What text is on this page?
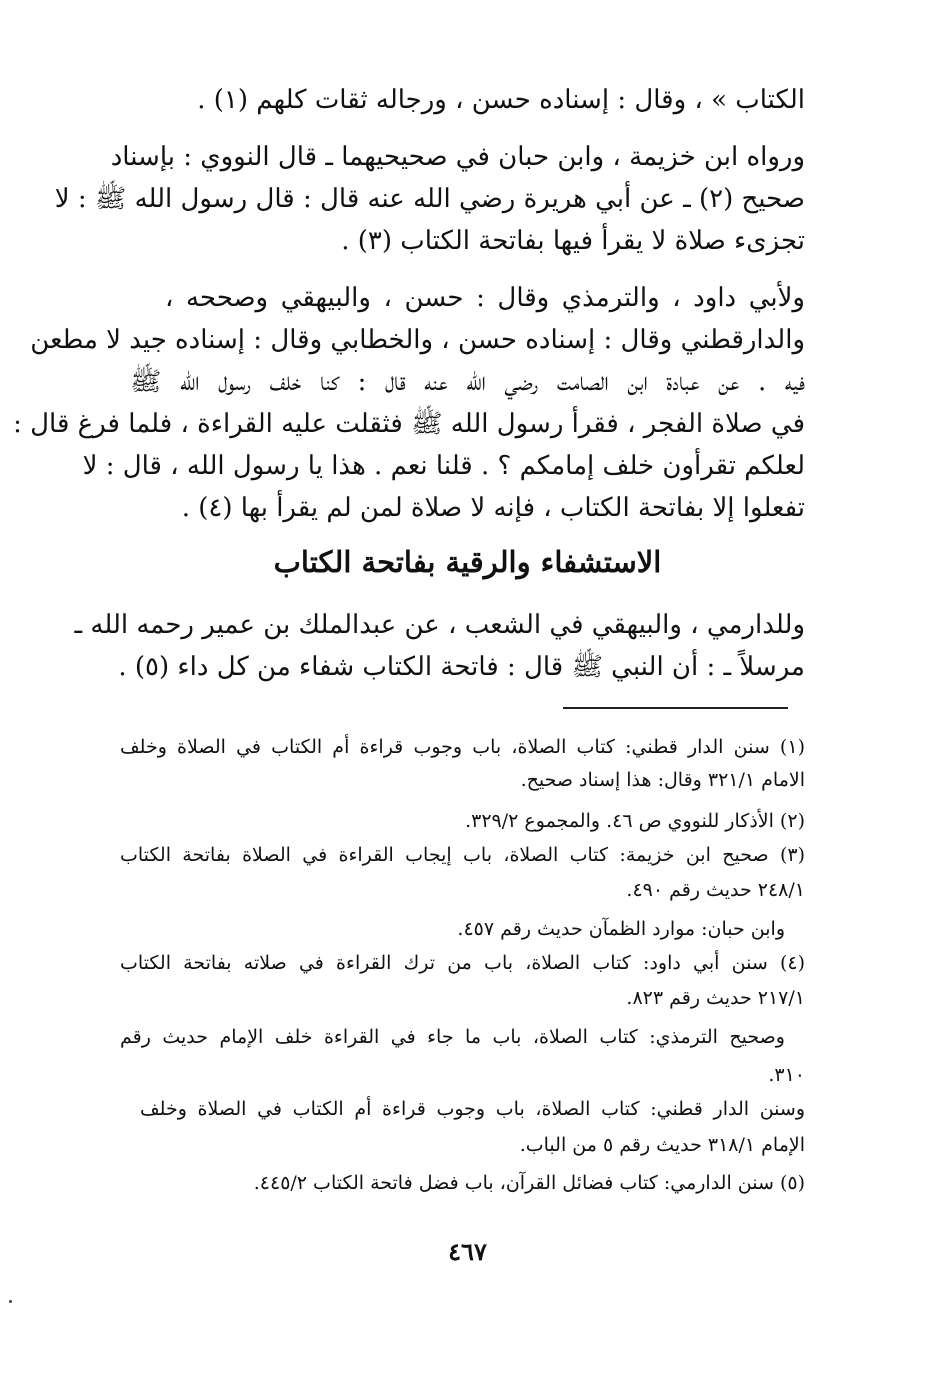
الكتاب » ، وقال : إسناده حسن ، ورجاله ثقات كلهم (١) .
ورواه ابن خزيمة ، وابن حبان في صحيحيهما ـ قال النووي : بإسناد
صحيح (٢) ـ عن أبي هريرة رضي الله عنه قال : قال رسول الله ﷺ : لا
تجزىء صلاة لا يقرأ فيها بفاتحة الكتاب (٣) .
ولأبي داود ، والترمذي وقال : حسن ، والبيهقي وصححه ،
والدارقطني وقال : إسناده حسن ، والخطابي وقال : إسناده جيد لا مطعن
فيه . عن عبادة ابن الصامت رضي الله عنه قال : كنا خلف رسول الله ﷺ
في صلاة الفجر ، فقرأ رسول الله ﷺ فثقلت عليه القراءة ، فلما فرغ قال :
لعلكم تقرأون خلف إمامكم ؟ . قلنا نعم . هذا يا رسول الله ، قال : لا
تفعلوا إلا بفاتحة الكتاب ، فإنه لا صلاة لمن لم يقرأ بها (٤) .
الاستشفاء والرقية بفاتحة الكتاب
وللدارمي ، والبيهقي في الشعب ، عن عبدالملك بن عمير رحمه الله ـ
مرسلاً ـ : أن النبي ﷺ قال : فاتحة الكتاب شفاء من كل داء (٥) .
(١) سنن الدار قطني: كتاب الصلاة، باب وجوب قراءة أم الكتاب في الصلاة وخلف
الامام ٣٢١/١ وقال: هذا إسناد صحيح.
(٢) الأذكار للنووي ص ٤٦. والمجموع ٣٢٩/٢.
(٣) صحيح ابن خزيمة: كتاب الصلاة، باب إيجاب القراءة في الصلاة بفاتحة الكتاب
٢٤٨/١ حديث رقم ٤٩٠.
وابن حبان: موارد الظمآن حديث رقم ٤٥٧.
(٤) سنن أبي داود: كتاب الصلاة، باب من ترك القراءة في صلاته بفاتحة الكتاب
٢١٧/١ حديث رقم ٨٢٣.
وصحيح الترمذي: كتاب الصلاة، باب ما جاء في القراءة خلف الإمام حديث رقم
٣١٠.
وسنن الدار قطني: كتاب الصلاة، باب وجوب قراءة أم الكتاب في الصلاة وخلف
الإمام ٣١٨/١ حديث رقم ٥ من الباب.
(٥) سنن الدارمي: كتاب فضائل القرآن، باب فضل فاتحة الكتاب ٤٤٥/٢.
٤٦٧
